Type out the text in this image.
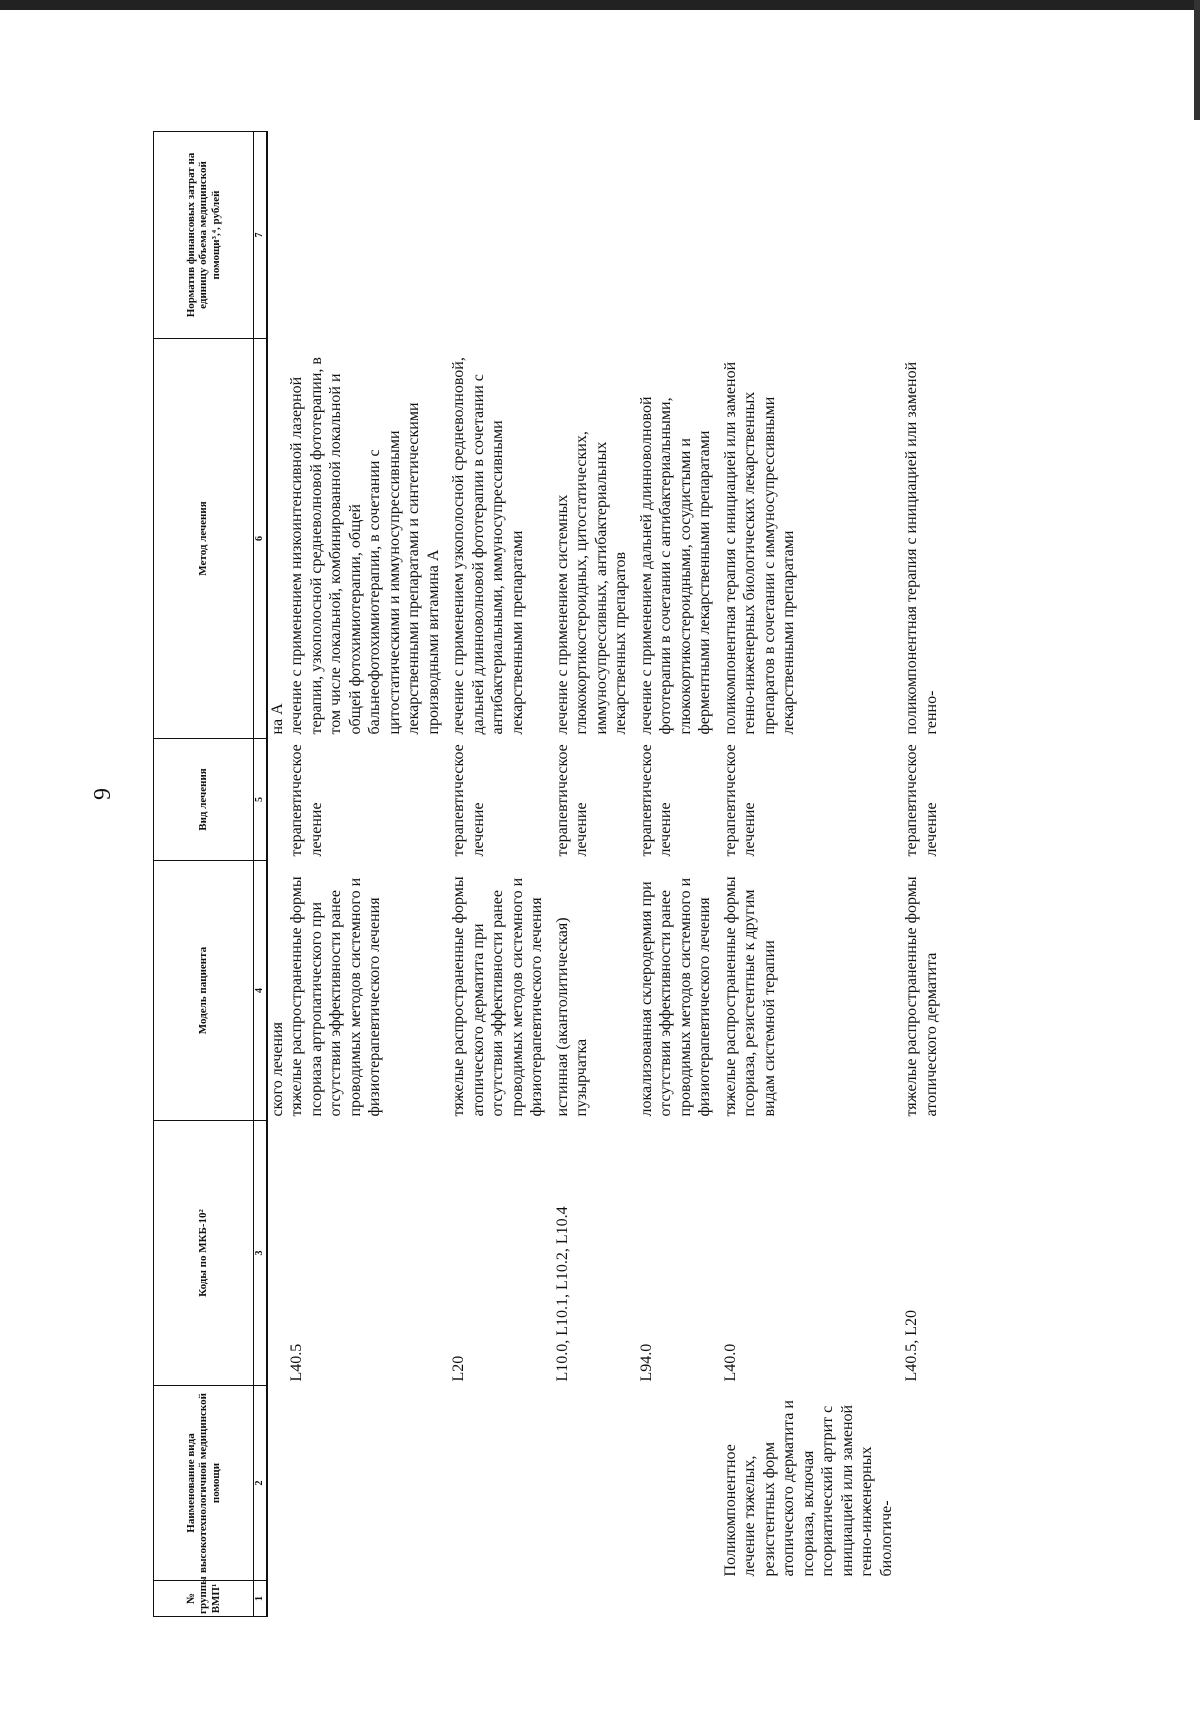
9
№ группы ВМП¹	Наименование вида высокотехнологичной медицинской помощи	Коды по МКБ-10²	Модель пациента	Вид лечения	Метод лечения	Норматив финансовых затрат на единицу объема медицинской помощи³,⁴, рублей
1	2	3	4	5	6	7
			ского лечения		на А	
		L40.5	тяжелые распространенные формы псориаза артропатического при отсутствии эффективности ранее проводимых методов системного и физиотерапевтического лечения	терапевтическое лечение	лечение с применением низкоинтенсивной лазерной терапии, узкополосной средневолновой фототерапии, в том числе локальной, комбинированной локальной и общей фотохимиотерапии, общей бальнеофотохимиотерапии, в сочетании с цитостатическими и иммуносупрессивными лекарственными препаратами и синтетическими производными витамина А	
		L20	тяжелые распространенные формы атопического дерматита при отсутствии эффективности ранее проводимых методов системного и физиотерапевтического лечения	терапевтическое лечение	лечение с применением узкополосной средневолновой, дальней длинноволновой фототерапии в сочетании с антибактериальными, иммуносупрессивными лекарственными препаратами	
		L10.0, L10.1, L10.2, L10.4	истинная (акантолитическая) пузырчатка	терапевтическое лечение	лечение с применением системных глюкокортикостероидных, цитостатических, иммуносупрессивных, антибактериальных лекарственных препаратов	
		L94.0	локализованная склеродермия при отсутствии эффективности ранее проводимых методов системного и физиотерапевтического лечения	терапевтическое лечение	лечение с применением дальней длинноволновой фототерапии в сочетании с антибактериальными, глюкокортикостероидными, сосудистыми и ферментными лекарственными препаратами	
	Поликомпонентное лечение тяжелых, резистентных форм атопического дерматита и псориаза, включая псориатический артрит с инициацией или заменой генно-инженерных биологиче-	L40.0	тяжелые распространенные формы псориаза, резистентные к другим видам системной терапии	терапевтическое лечение	поликомпонентная терапия с инициацией или заменой генно-инженерных биологических лекарственных препаратов в сочетании с иммуносупрессивными лекарственными препаратами	
		L40.5, L20	тяжелые распространенные формы атопического дерматита	терапевтическое лечение	поликомпонентная терапия с инициацией или заменой генно-	
